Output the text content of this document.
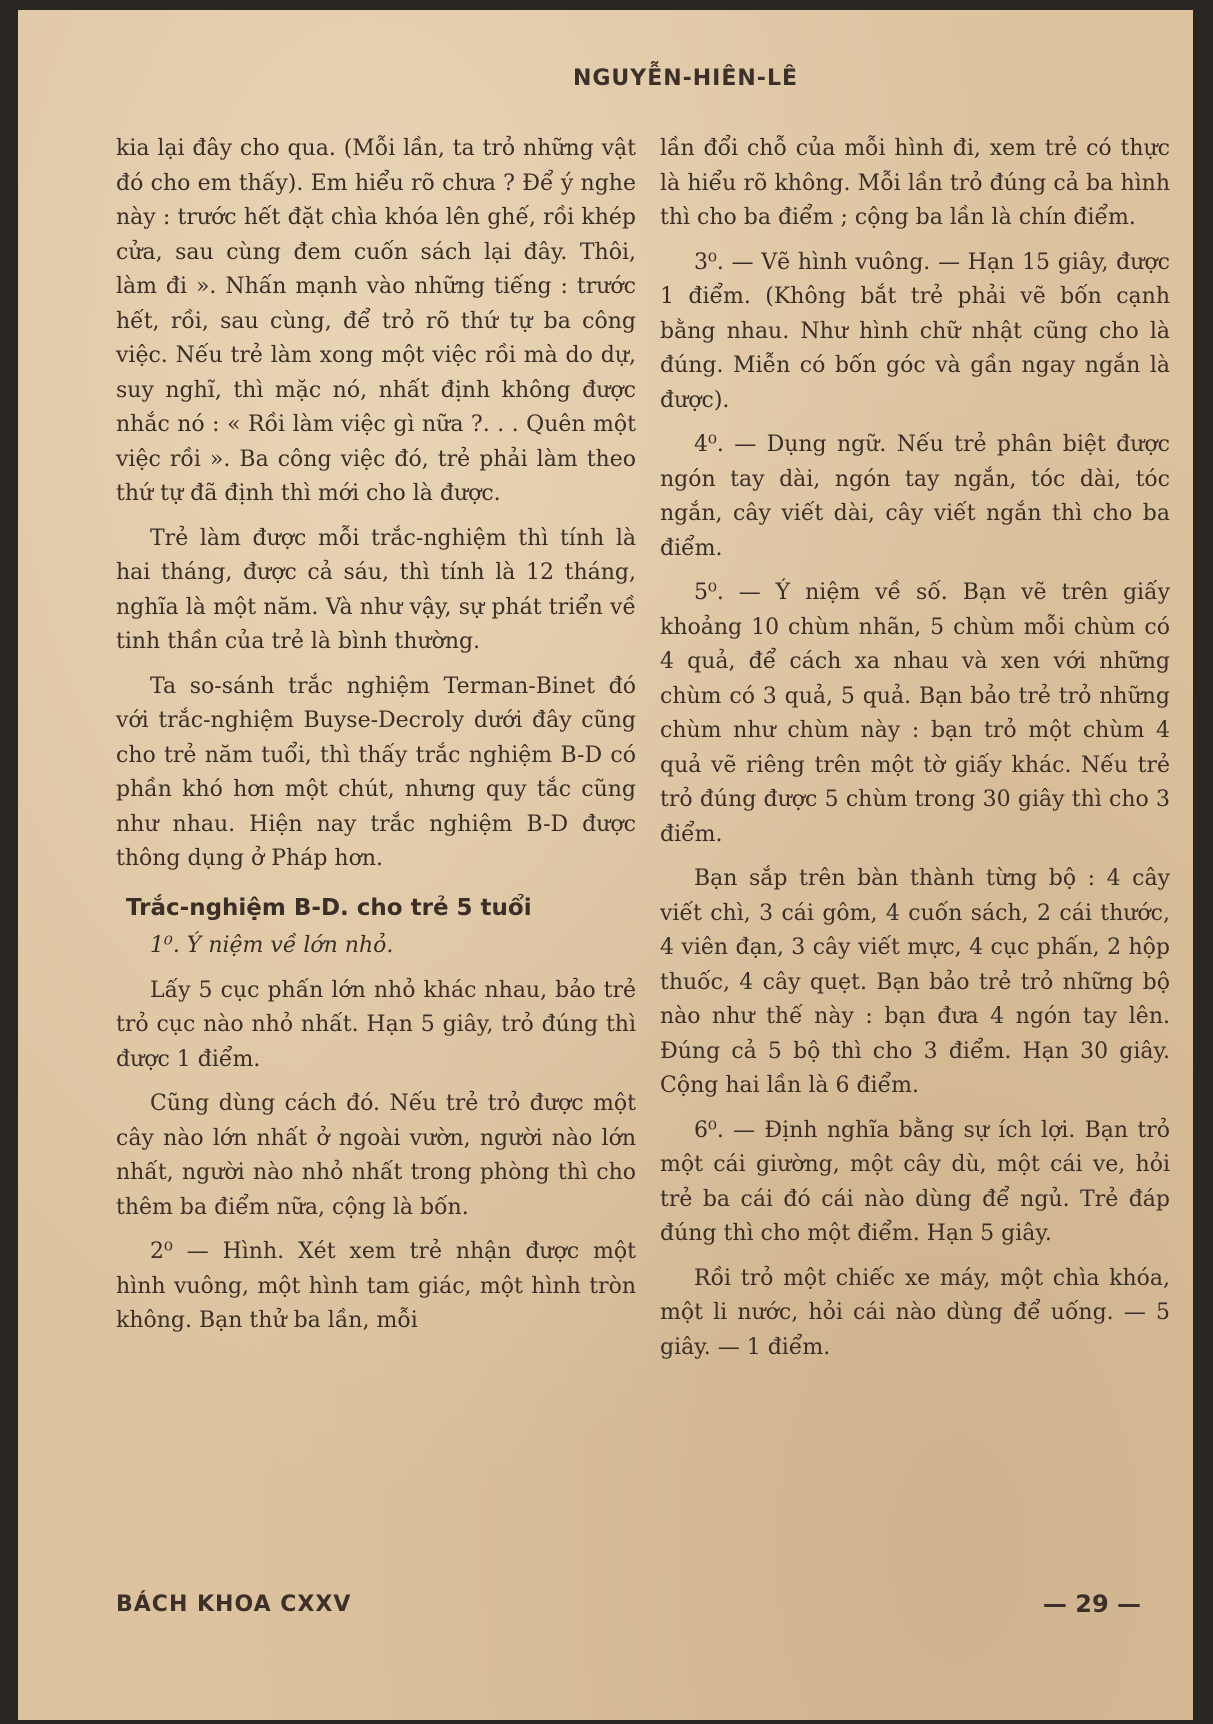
NGUYỄN-HIÊN-LÊ

kia lại đây cho qua. (Mỗi lần, ta trỏ những vật đó cho em thấy). Em hiểu rõ chưa ? Để ý nghe này : trước hết đặt chìa khóa lên ghế, rồi khép cửa, sau cùng đem cuốn sách lại đây. Thôi, làm đi ». Nhấn mạnh vào những tiếng : trước hết, rồi, sau cùng, để trỏ rõ thứ tự ba công việc. Nếu trẻ làm xong một việc rồi mà do dự, suy nghĩ, thì mặc nó, nhất định không được nhắc nó : « Rồi làm việc gì nữa ?. . . Quên một việc rồi ». Ba công việc đó, trẻ phải làm theo thứ tự đã định thì mới cho là được.

Trẻ làm được mỗi trắc-nghiệm thì tính là hai tháng, được cả sáu, thì tính là 12 tháng, nghĩa là một năm. Và như vậy, sự phát triển về tinh thần của trẻ là bình thường.

Ta so-sánh trắc nghiệm Terman-Binet đó với trắc-nghiệm Buyse-Decroly dưới đây cũng cho trẻ năm tuổi, thì thấy trắc nghiệm B-D có phần khó hơn một chút, nhưng quy tắc cũng như nhau. Hiện nay trắc nghiệm B-D được thông dụng ở Pháp hơn.

Trắc-nghiệm B-D. cho trẻ 5 tuổi

1⁰. Ý niệm về lớn nhỏ.

Lấy 5 cục phấn lớn nhỏ khác nhau, bảo trẻ trỏ cục nào nhỏ nhất. Hạn 5 giây, trỏ đúng thì được 1 điểm.

Cũng dùng cách đó. Nếu trẻ trỏ được một cây nào lớn nhất ở ngoài vườn, người nào lớn nhất, người nào nhỏ nhất trong phòng thì cho thêm ba điểm nữa, cộng là bốn.

2⁰ — Hình. Xét xem trẻ nhận được một hình vuông, một hình tam giác, một hình tròn không. Bạn thử ba lần, mỗi

lần đổi chỗ của mỗi hình đi, xem trẻ có thực là hiểu rõ không. Mỗi lần trỏ đúng cả ba hình thì cho ba điểm ; cộng ba lần là chín điểm.

3⁰. — Vẽ hình vuông. — Hạn 15 giây, được 1 điểm. (Không bắt trẻ phải vẽ bốn cạnh bằng nhau. Như hình chữ nhật cũng cho là đúng. Miễn có bốn góc và gần ngay ngắn là được).

4⁰. — Dụng ngữ. Nếu trẻ phân biệt được ngón tay dài, ngón tay ngắn, tóc dài, tóc ngắn, cây viết dài, cây viết ngắn thì cho ba điểm.

5⁰. — Ý niệm về số. Bạn vẽ trên giấy khoảng 10 chùm nhãn, 5 chùm mỗi chùm có 4 quả, để cách xa nhau và xen với những chùm có 3 quả, 5 quả. Bạn bảo trẻ trỏ những chùm như chùm này : bạn trỏ một chùm 4 quả vẽ riêng trên một tờ giấy khác. Nếu trẻ trỏ đúng được 5 chùm trong 30 giây thì cho 3 điểm.

Bạn sắp trên bàn thành từng bộ : 4 cây viết chì, 3 cái gôm, 4 cuốn sách, 2 cái thước, 4 viên đạn, 3 cây viết mực, 4 cục phấn, 2 hộp thuốc, 4 cây quẹt. Bạn bảo trẻ trỏ những bộ nào như thế này : bạn đưa 4 ngón tay lên. Đúng cả 5 bộ thì cho 3 điểm. Hạn 30 giây. Cộng hai lần là 6 điểm.

6⁰. — Định nghĩa bằng sự ích lợi. Bạn trỏ một cái giường, một cây dù, một cái ve, hỏi trẻ ba cái đó cái nào dùng để ngủ. Trẻ đáp đúng thì cho một điểm. Hạn 5 giây.

Rồi trỏ một chiếc xe máy, một chìa khóa, một li nước, hỏi cái nào dùng để uống. — 5 giây. — 1 điểm.

BÁCH KHOA CXXV	— 29 —
